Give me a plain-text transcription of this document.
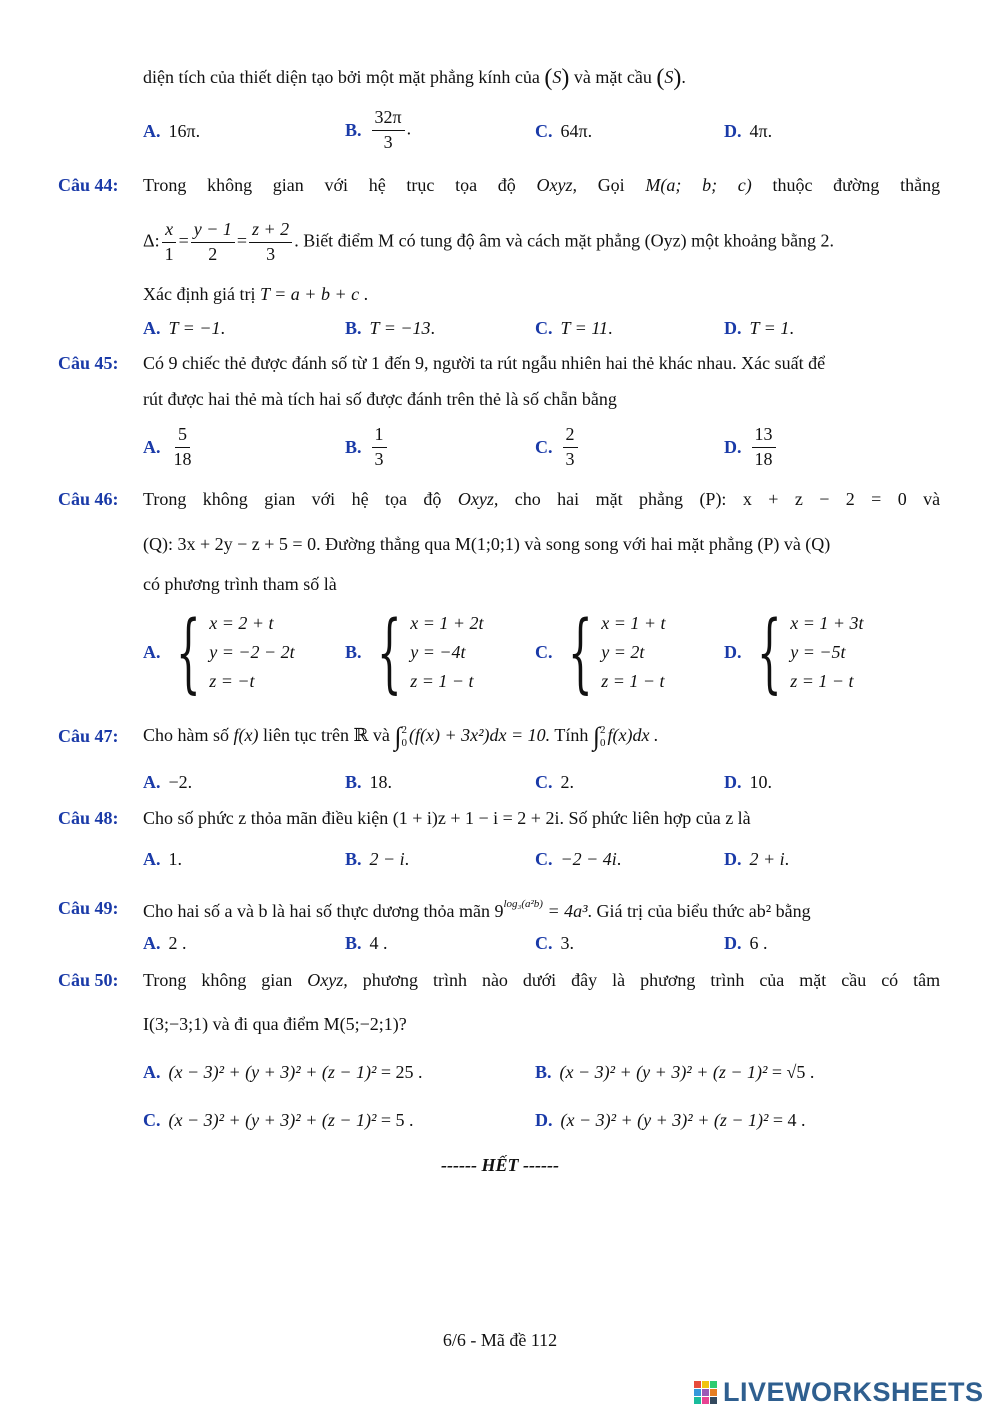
diện tích của thiết diện tạo bởi một mặt phẳng kính của (S) và mặt cầu (S).
A. 16π.	B. $\frac{32\pi}{3}$ .	C. 64π.	D. 4π.
Câu 44: Trong không gian với hệ trục tọa độ Oxyz, Gọi M(a; b; c) thuộc đường thẳng
Δ: $\frac{x}{1} = \frac{y - 1}{2} = \frac{z + 2}{3}$ . Biết điểm M có tung độ âm và cách mặt phẳng (Oyz) một khoảng bằng 2.
Xác định giá trị T = a + b + c .
A. T = −1.	B. T = −13.	C. T = 11.	D. T = 1.
Câu 45: Có 9 chiếc thẻ được đánh số từ 1 đến 9, người ta rút ngẫu nhiên hai thẻ khác nhau. Xác suất để
rút được hai thẻ mà tích hai số được đánh trên thẻ là số chẵn bằng
A. $\frac{5}{18}$	B. $\frac{1}{3}$	C. $\frac{2}{3}$	D. $\frac{13}{18}$
Câu 46: Trong không gian với hệ tọa độ Oxyz, cho hai mặt phẳng (P): x + z − 2 = 0 và
(Q): 3x + 2y − z + 5 = 0. Đường thẳng qua M(1;0;1) và song song với hai mặt phẳng (P) và (Q)
có phương trình tham số là
A. { x = 2 + t
y = −2 − 2t
z = −t
B. { x = 1 + 2t
y = −4t
z = 1 − t
C. { x = 1 + t
y = 2t
z = 1 − t
D. { x = 1 + 3t
y = −5t
z = 1 − t
Câu 47: Cho hàm số f(x) liên tục trên ℝ và ∫ 2
0 (f(x) + 3x²)dx = 10. Tính ∫ 2
0 f(x)dx .
A. −2.	B. 18.	C. 2.	D. 10.
Câu 48: Cho số phức z thỏa mãn điều kiện (1 + i)z + 1 − i = 2 + 2i. Số phức liên hợp của z là
A. 1.	B. 2 − i.	C. −2 − 4i.	D. 2 + i.
Câu 49: Cho hai số a và b là hai số thực dương thỏa mãn $9^{log_3(a^2b)} = 4a^3$. Giá trị của biểu thức ab² bằng
A. 2 .	B. 4 .	C. 3.	D. 6 .
Câu 50: Trong không gian Oxyz, phương trình nào dưới đây là phương trình của mặt cầu có tâm
I(3;−3;1) và đi qua điểm M(5;−2;1)?
A. (x − 3)² + (y + 3)² + (z − 1)² = 25 .	B. (x − 3)² + (y + 3)² + (z − 1)² = √5 .
C. (x − 3)² + (y + 3)² + (z − 1)² = 5 .	D. (x − 3)² + (y + 3)² + (z − 1)² = 4 .
------ HẾT ------
6/6 - Mã đề 112
LIVEWORKSHEETS
